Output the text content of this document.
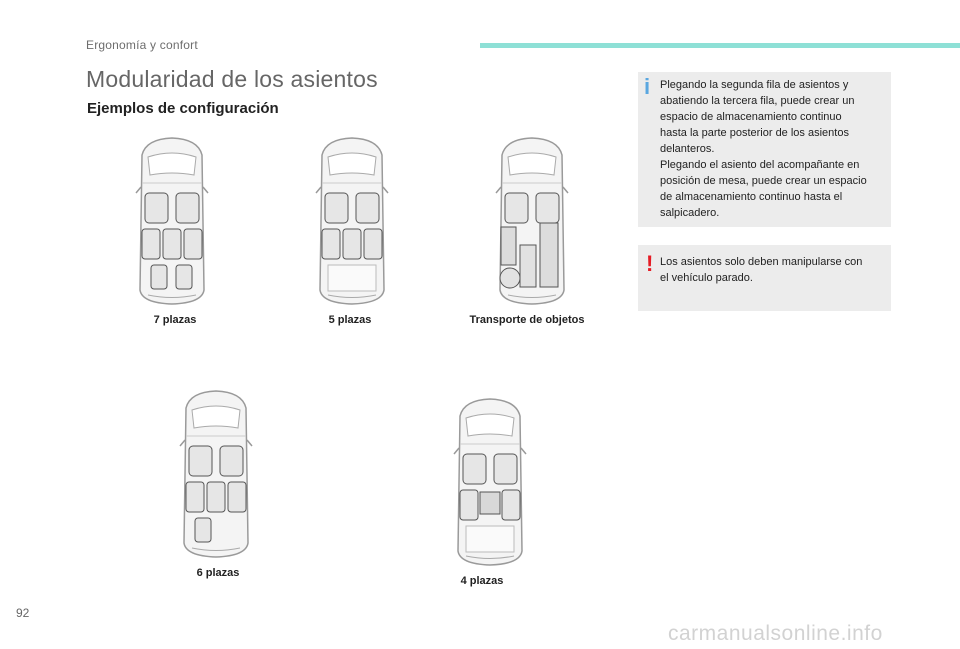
Ergonomía y confort
Modularidad de los asientos
Ejemplos de configuración
7 plazas	5 plazas	Transporte de objetos
6 plazas
4 plazas
i Plegando la segunda fila de asientos y
abatiendo la tercera fila, puede crear un
espacio de almacenamiento continuo
hasta la parte posterior de los asientos
delanteros.
Plegando el asiento del acompañante en
posición de mesa, puede crear un espacio
de almacenamiento continuo hasta el
salpicadero.
! Los asientos solo deben manipularse con
el vehículo parado.
92
carmanualsonline.info
